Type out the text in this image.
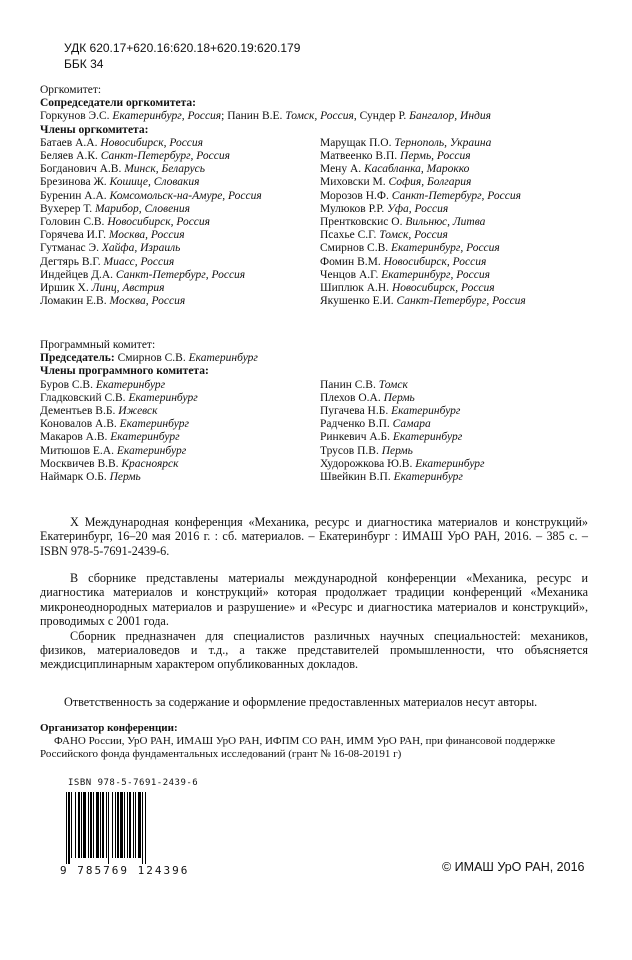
УДК 620.17+620.16:620.18+620.19:620.179
ББК 34
Оргкомитет:
Сопредседатели оргкомитета:
Горкунов Э.С. Екатеринбург, Россия; Панин В.Е. Томск, Россия, Сундер Р. Бангалор, Индия
Члены оргкомитета:
Батаев А.А. Новосибирск, Россия
Беляев А.К. Санкт-Петербург, Россия
Богданович А.В. Минск, Беларусь
Брезинова Ж. Кошице, Словакия
Буренин А.А. Комсомольск-на-Амуре, Россия
Вухерер Т. Марибор, Словения
Головин С.В. Новосибирск, Россия
Горячева И.Г. Москва, Россия
Гутманас Э. Хайфа, Израиль
Дегтярь В.Г. Миасс, Россия
Индейцев Д.А. Санкт-Петербург, Россия
Иршик Х. Линц, Австрия
Ломакин Е.В. Москва, Россия
Марущак П.О. Тернополь, Украина
Матвеенко В.П. Пермь, Россия
Мену А. Касабланка, Марокко
Миховски М. София, Болгария
Морозов Н.Ф. Санкт-Петербург, Россия
Мулюков Р.Р. Уфа, Россия
Прентковскис О. Вильнюс, Литва
Псахье С.Г. Томск, Россия
Смирнов С.В. Екатеринбург, Россия
Фомин В.М. Новосибирск, Россия
Ченцов А.Г. Екатеринбург, Россия
Шиплюк А.Н. Новосибирск, Россия
Якушенко Е.И. Санкт-Петербург, Россия
Программный комитет:
Председатель: Смирнов С.В. Екатеринбург
Члены программного комитета:
Буров С.В. Екатеринбург
Гладковский С.В. Екатеринбург
Дементьев В.Б. Ижевск
Коновалов А.В. Екатеринбург
Макаров А.В. Екатеринбург
Митюшов Е.А. Екатеринбург
Москвичев В.В. Красноярск
Наймарк О.Б. Пермь
Панин С.В. Томск
Плехов О.А. Пермь
Пугачева Н.Б. Екатеринбург
Радченко В.П. Самара
Ринкевич А.Б. Екатеринбург
Трусов П.В. Пермь
Худорожкова Ю.В. Екатеринбург
Швейкин В.П. Екатеринбург

X Международная конференция «Механика, ресурс и диагностика материалов и конструкций» Екатеринбург, 16–20 мая 2016 г. : сб. материалов. – Екатеринбург : ИМАШ УрО РАН, 2016. – 385 с. – ISBN 978-5-7691-2439-6.

В сборнике представлены материалы международной конференции «Механика, ресурс и диагностика материалов и конструкций» которая продолжает традиции конференций «Механика микронеоднородных материалов и разрушение» и «Ресурс и диагностика материалов и конструкций», проводимых с 2001 года.

Сборник предназначен для специалистов различных научных специальностей: механиков, физиков, материаловедов и т.д., а также представителей промышленности, что объясняется междисциплинарным характером опубликованных докладов.

Ответственность за содержание и оформление предоставленных материалов несут авторы.
Организатор конференции:
ФАНО России, УрО РАН, ИМАШ УрО РАН, ИФПМ СО РАН, ИММ УрО РАН, при финансовой поддержке
Российского фонда фундаментальных исследований (грант № 16-08-20191 г)
ISBN 978-5-7691-2439-6
9 785769 124396	© ИМАШ УрО РАН, 2016
